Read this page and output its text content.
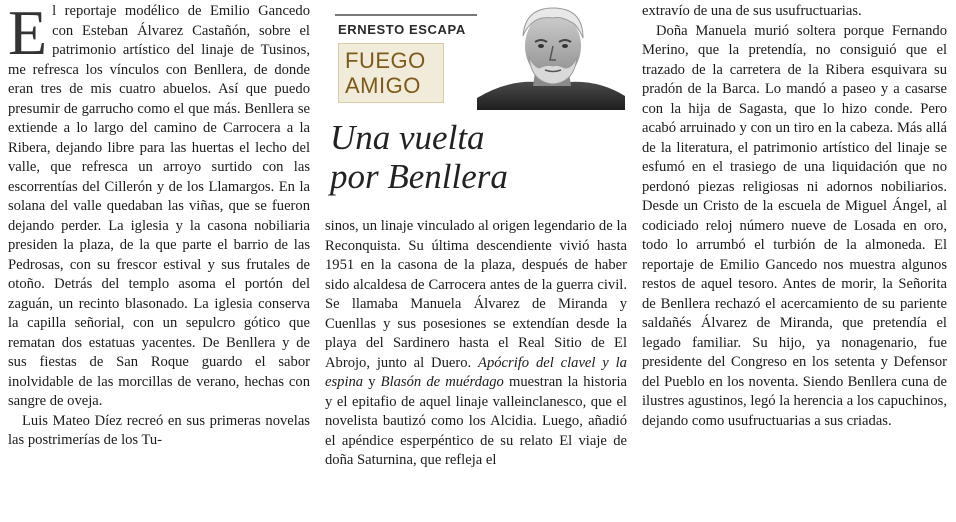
El reportaje modélico de Emilio Gancedo con Esteban Álvarez Castañón, sobre el patrimonio artístico del linaje de Tusinos, me refresca los vínculos con Benllera, de donde eran tres de mis cuatro abuelos. Así que puedo presumir de garrucho como el que más. Benllera se extiende a lo largo del camino de Carrocera a la Ribera, dejando libre para las huertas el lecho del valle, que refresca un arroyo surtido con las escorrentías del Cillerón y de los Llamargos. En la solana del valle quedaban las viñas, que se fueron dejando perder. La iglesia y la casona nobiliaria presiden la plaza, de la que parte el barrio de las Pedrosas, con su frescor estival y sus frutales de otoño. Detrás del templo asoma el portón del zaguán, un recinto blasonado. La iglesia conserva la capilla señorial, con un sepulcro gótico que rematan dos estatuas yacentes. De Benllera y de sus fiestas de San Roque guardo el sabor inolvidable de las morcillas de verano, hechas con sangre de oveja.

Luis Mateo Díez recreó en sus primeras novelas las postrimerías de los Tu-

ERNESTO ESCAPA
FUEGO
AMIGO
Una vuelta
por Benllera

sinos, un linaje vinculado al origen legendario de la Reconquista. Su última descendiente vivió hasta 1951 en la casona de la plaza, después de haber sido alcaldesa de Carrocera antes de la guerra civil. Se llamaba Manuela Álvarez de Miranda y Cuenllas y sus posesiones se extendían desde la playa del Sardinero hasta el Real Sitio de El Abrojo, junto al Duero. Apócrifo del clavel y la espina y Blasón de muérdago muestran la historia y el epitafio de aquel linaje valleinclanesco, que el novelista bautizó como los Alcidia. Luego, añadió el apéndice esperpéntico de su relato El viaje de doña Saturnina, que refleja el

extravío de una de sus usufructuarias.

Doña Manuela murió soltera porque Fernando Merino, que la pretendía, no consiguió que el trazado de la carretera de la Ribera esquivara su pradón de la Barca. Lo mandó a paseo y a casarse con la hija de Sagasta, que lo hizo conde. Pero acabó arruinado y con un tiro en la cabeza. Más allá de la literatura, el patrimonio artístico del linaje se esfumó en el trasiego de una liquidación que no perdonó piezas religiosas ni adornos nobiliarios. Desde un Cristo de la escuela de Miguel Ángel, al codiciado reloj número nueve de Losada en oro, todo lo arrumbó el turbión de la almoneda. El reportaje de Emilio Gancedo nos muestra algunos restos de aquel tesoro. Antes de morir, la Señorita de Benllera rechazó el acercamiento de su pariente saldañés Álvarez de Miranda, que pretendía el legado familiar. Su hijo, ya nonagenario, fue presidente del Congreso en los setenta y Defensor del Pueblo en los noventa. Siendo Benllera cuna de ilustres agustinos, legó la herencia a los capuchinos, dejando como usufructuarias a sus criadas.
